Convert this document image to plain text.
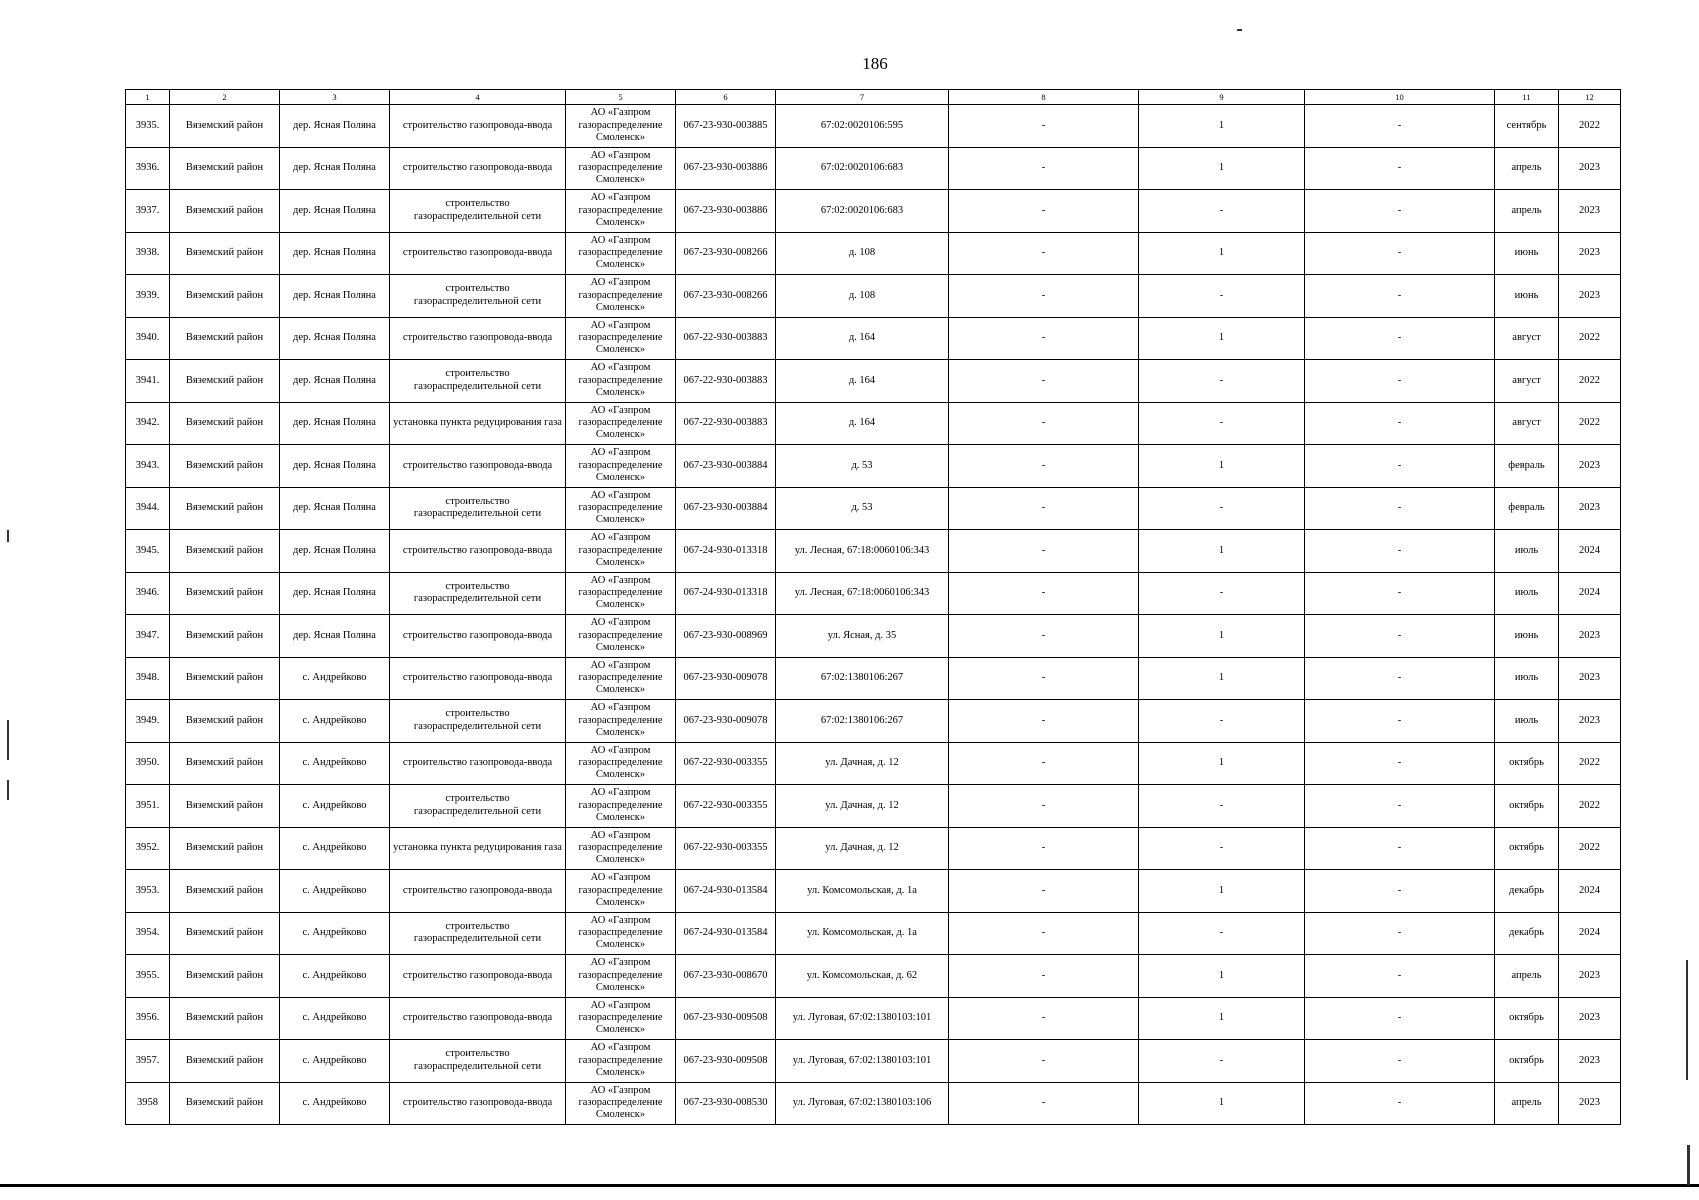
186
1	2	3	4	5	6	7	8	9	10	11	12
3935.	Вяземский район	дер. Ясная Поляна	строительство газопровода-ввода	АО «Газпром
газораспределение
Смоленск»	067-23-930-003885	67:02:0020106:595	-	1	-	сентябрь	2022
3936.	Вяземский район	дер. Ясная Поляна	строительство газопровода-ввода	АО «Газпром
газораспределение
Смоленск»	067-23-930-003886	67:02:0020106:683	-	1	-	апрель	2023
3937.	Вяземский район	дер. Ясная Поляна	строительство газораспределительной сети	АО «Газпром
газораспределение
Смоленск»	067-23-930-003886	67:02:0020106:683	-	-	-	апрель	2023
3938.	Вяземский район	дер. Ясная Поляна	строительство газопровода-ввода	АО «Газпром
газораспределение
Смоленск»	067-23-930-008266	д. 108	-	1	-	июнь	2023
3939.	Вяземский район	дер. Ясная Поляна	строительство газораспределительной сети	АО «Газпром
газораспределение
Смоленск»	067-23-930-008266	д. 108	-	-	-	июнь	2023
3940.	Вяземский район	дер. Ясная Поляна	строительство газопровода-ввода	АО «Газпром
газораспределение
Смоленск»	067-22-930-003883	д. 164	-	1	-	август	2022
3941.	Вяземский район	дер. Ясная Поляна	строительство газораспределительной сети	АО «Газпром
газораспределение
Смоленск»	067-22-930-003883	д. 164	-	-	-	август	2022
3942.	Вяземский район	дер. Ясная Поляна	установка пункта редуцирования газа	АО «Газпром
газораспределение
Смоленск»	067-22-930-003883	д. 164	-	-	-	август	2022
3943.	Вяземский район	дер. Ясная Поляна	строительство газопровода-ввода	АО «Газпром
газораспределение
Смоленск»	067-23-930-003884	д. 53	-	1	-	февраль	2023
3944.	Вяземский район	дер. Ясная Поляна	строительство газораспределительной сети	АО «Газпром
газораспределение
Смоленск»	067-23-930-003884	д. 53	-	-	-	февраль	2023
3945.	Вяземский район	дер. Ясная Поляна	строительство газопровода-ввода	АО «Газпром
газораспределение
Смоленск»	067-24-930-013318	ул. Лесная, 67:18:0060106:343	-	1	-	июль	2024
3946.	Вяземский район	дер. Ясная Поляна	строительство газораспределительной сети	АО «Газпром
газораспределение
Смоленск»	067-24-930-013318	ул. Лесная, 67:18:0060106:343	-	-	-	июль	2024
3947.	Вяземский район	дер. Ясная Поляна	строительство газопровода-ввода	АО «Газпром
газораспределение
Смоленск»	067-23-930-008969	ул. Ясная, д. 35	-	1	-	июнь	2023
3948.	Вяземский район	с. Андрейково	строительство газопровода-ввода	АО «Газпром
газораспределение
Смоленск»	067-23-930-009078	67:02:1380106:267	-	1	-	июль	2023
3949.	Вяземский район	с. Андрейково	строительство газораспределительной сети	АО «Газпром
газораспределение
Смоленск»	067-23-930-009078	67:02:1380106:267	-	-	-	июль	2023
3950.	Вяземский район	с. Андрейково	строительство газопровода-ввода	АО «Газпром
газораспределение
Смоленск»	067-22-930-003355	ул. Дачная, д. 12	-	1	-	октябрь	2022
3951.	Вяземский район	с. Андрейково	строительство газораспределительной сети	АО «Газпром
газораспределение
Смоленск»	067-22-930-003355	ул. Дачная, д. 12	-	-	-	октябрь	2022
3952.	Вяземский район	с. Андрейково	установка пункта редуцирования газа	АО «Газпром
газораспределение
Смоленск»	067-22-930-003355	ул. Дачная, д. 12	-	-	-	октябрь	2022
3953.	Вяземский район	с. Андрейково	строительство газопровода-ввода	АО «Газпром
газораспределение
Смоленск»	067-24-930-013584	ул. Комсомольская, д. 1а	-	1	-	декабрь	2024
3954.	Вяземский район	с. Андрейково	строительство газораспределительной сети	АО «Газпром
газораспределение
Смоленск»	067-24-930-013584	ул. Комсомольская, д. 1а	-	-	-	декабрь	2024
3955.	Вяземский район	с. Андрейково	строительство газопровода-ввода	АО «Газпром
газораспределение
Смоленск»	067-23-930-008670	ул. Комсомольская, д. 62	-	1	-	апрель	2023
3956.	Вяземский район	с. Андрейково	строительство газопровода-ввода	АО «Газпром
газораспределение
Смоленск»	067-23-930-009508	ул. Луговая, 67:02:1380103:101	-	1	-	октябрь	2023
3957.	Вяземский район	с. Андрейково	строительство газораспределительной сети	АО «Газпром
газораспределение
Смоленск»	067-23-930-009508	ул. Луговая, 67:02:1380103:101	-	-	-	октябрь	2023
3958	Вяземский район	с. Андрейково	строительство газопровода-ввода	АО «Газпром
газораспределение
Смоленск»	067-23-930-008530	ул. Луговая, 67:02:1380103:106	-	1	-	апрель	2023
